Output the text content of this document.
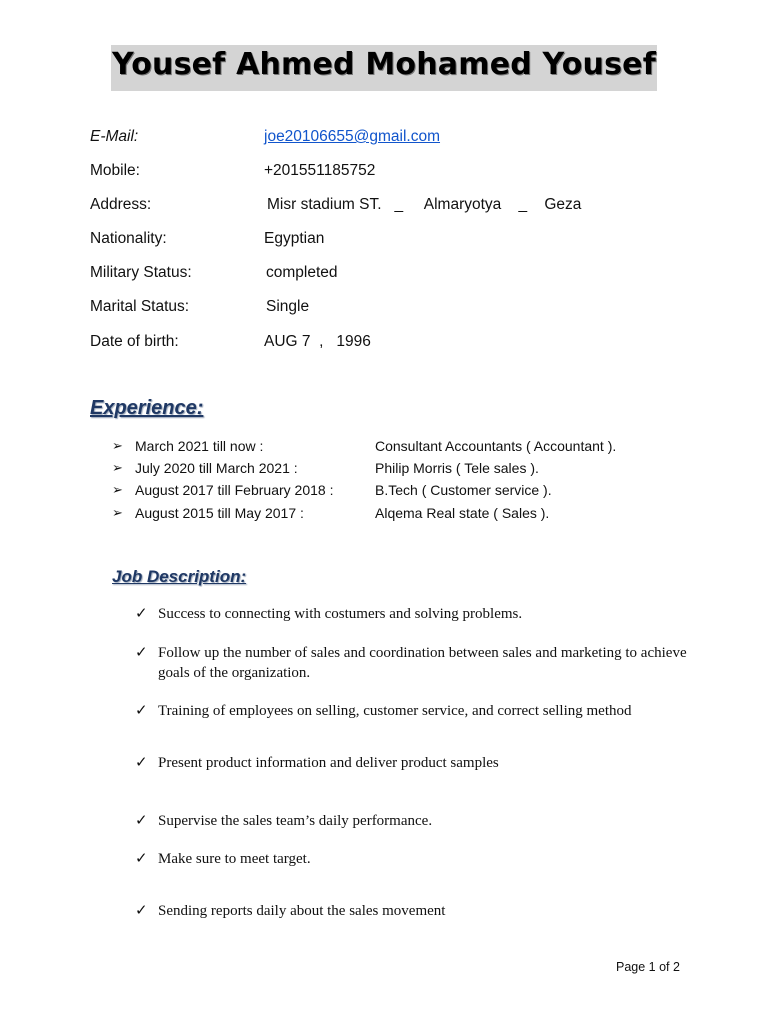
Yousef Ahmed Mohamed Yousef
E-Mail:	joe20106655@gmail.com
Mobile:	+201551185752
Address:	Misr stadium ST.   _     Almaryotya    _    Geza
Nationality:	Egyptian
Military Status:	completed
Marital Status:	Single
Date of birth:	AUG 7  ,   1996
Experience:
➢ March 2021 till now :	Consultant Accountants ( Accountant ).
➢ July 2020 till March 2021 :	Philip Morris ( Tele sales ).
➢ August 2017 till February 2018 :	B.Tech ( Customer service ).
➢ August 2015 till May 2017 :	Alqema Real state ( Sales ).
Job Description:
✓ Success to connecting with costumers and solving problems.
✓ Follow up the number of sales and coordination between sales and marketing to achieve goals of the organization.
✓ Training of employees on selling, customer service, and correct selling method
✓ Present product information and deliver product samples
✓ Supervise the sales team’s daily performance.
✓ Make sure to meet target.
✓ Sending reports daily about the sales movement
Page 1 of 2
